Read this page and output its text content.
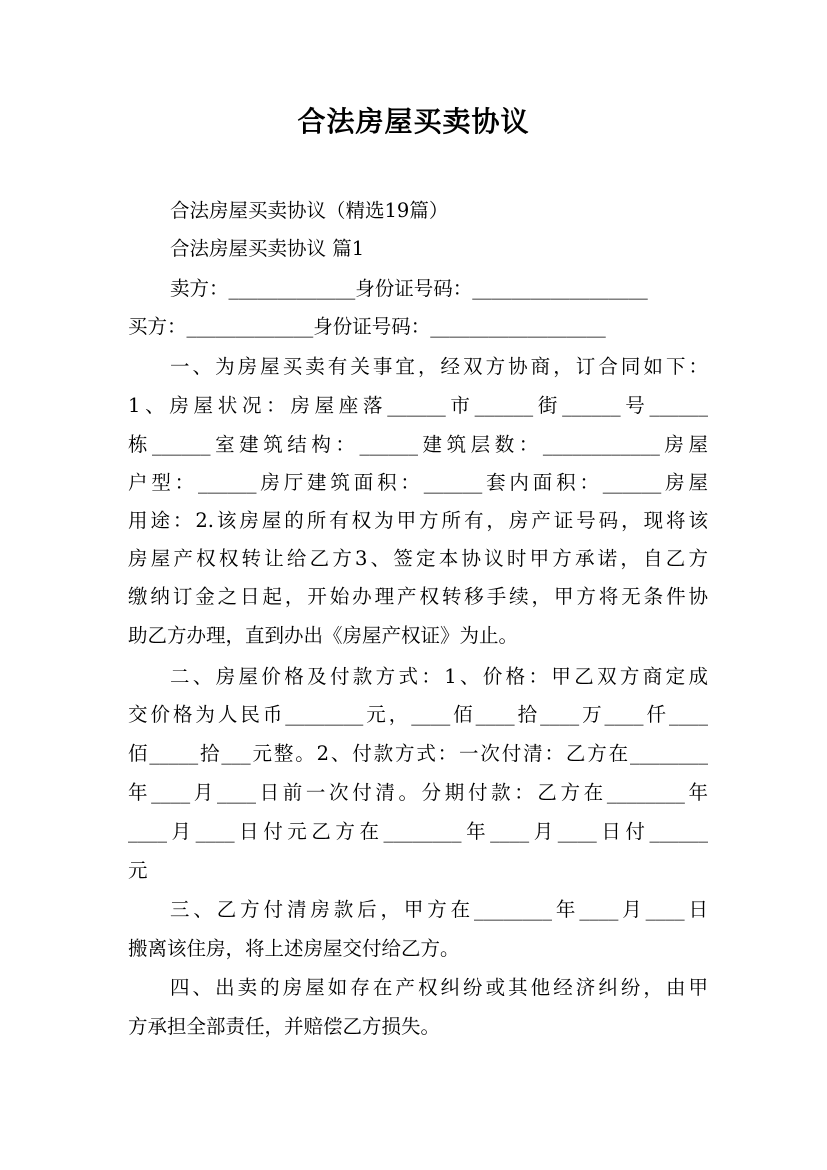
合法房屋买卖协议
合法房屋买卖协议（精选19篇）
合法房屋买卖协议 篇1
卖方：_____________身份证号码：__________________
买方：_____________身份证号码：__________________
一、为房屋买卖有关事宜，经双方协商，订合同如下：
1、房屋状况：房屋座落______市______街______号______
栋______室建筑结构：______建筑层数：____________房屋
户型：______房厅建筑面积：______套内面积：______房屋
用途：2.该房屋的所有权为甲方所有，房产证号码，现将该
房屋产权权转让给乙方3、签定本协议时甲方承诺，自乙方
缴纳订金之日起，开始办理产权转移手续，甲方将无条件协
助乙方办理，直到办出《房屋产权证》为止。
二、房屋价格及付款方式：1、价格：甲乙双方商定成
交价格为人民币________元，____佰____拾____万____仟____
佰_____拾___元整。2、付款方式：一次付清：乙方在________
年____月____日前一次付清。分期付款：乙方在________年
____月____日付元乙方在________年____月____日付______
元
三、乙方付清房款后，甲方在________年____月____日
搬离该住房，将上述房屋交付给乙方。
四、出卖的房屋如存在产权纠纷或其他经济纠纷，由甲
方承担全部责任，并赔偿乙方损失。
